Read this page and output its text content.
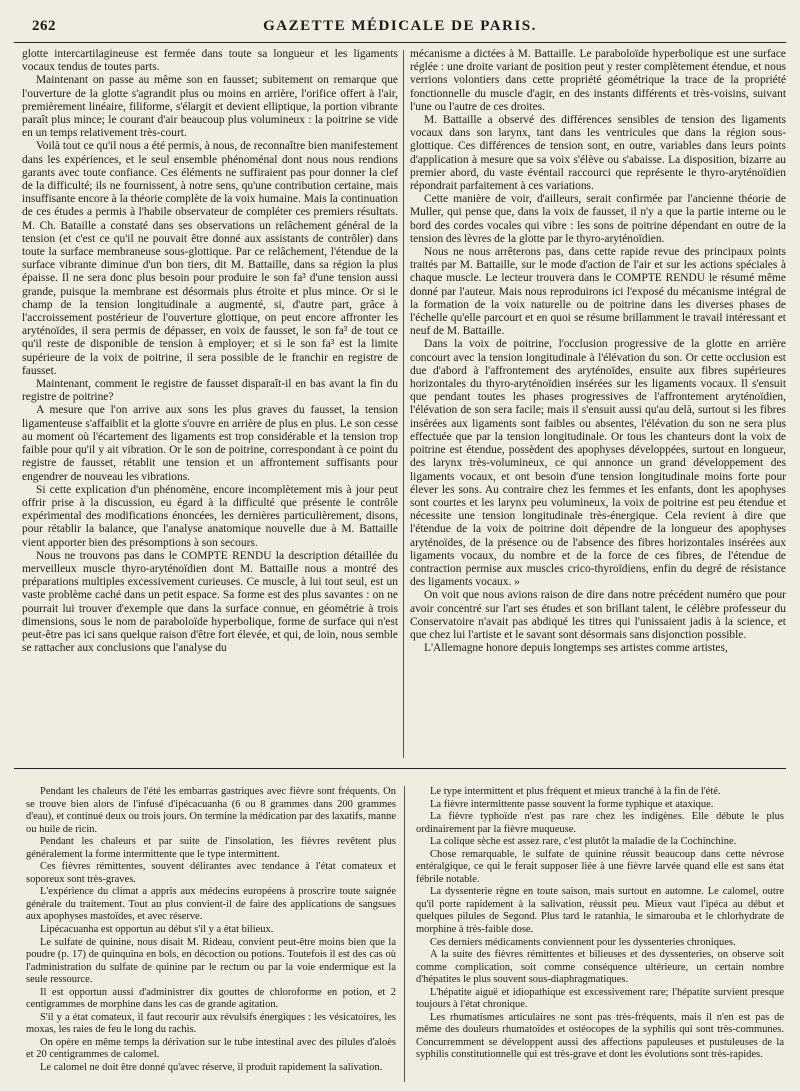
262	GAZETTE MÉDICALE DE PARIS.

glotte intercartilagineuse est fermée dans toute sa longueur et les ligaments vocaux tendus de toutes parts.

Maintenant on passe au même son en fausset; subitement on remarque que l'ouverture de la glotte s'agrandit plus ou moins en arrière, l'orifice offert à l'air, premièrement linéaire, filiforme, s'élargit et devient elliptique, la portion vibrante paraît plus mince; le courant d'air beaucoup plus volumineux : la poitrine se vide en un temps relativement très-court.

Voilà tout ce qu'il nous a été permis, à nous, de reconnaître bien manifestement dans les expériences, et le seul ensemble phénoménal dont nous nous rendions garants avec toute confiance. Ces éléments ne suffiraient pas pour donner la clef de la difficulté; ils ne fournissent, à notre sens, qu'une contribution certaine, mais insuffisante encore à la théorie complète de la voix humaine. Mais la continuation de ces études a permis à l'habile observateur de compléter ces premiers résultats. M. Ch. Bataille a constaté dans ses observations un relâchement général de la tension (et c'est ce qu'il ne pouvait être donné aux assistants de contrôler) dans toute la surface membraneuse sous-glottique. Par ce relâchement, l'étendue de la surface vibrante diminue d'un bon tiers, dit M. Battaille, dans sa région la plus épaisse. Il ne sera donc plus besoin pour produire le son fa³ d'une tension aussi grande, puisque la membrane est désormais plus étroite et plus mince. Or si le champ de la tension longitudinale a augmenté, si, d'autre part, grâce à l'accroissement postérieur de l'ouverture glottique, on peut encore affronter les aryténoïdes, il sera permis de dépasser, en voix de fausset, le son fa³ de tout ce qu'il reste de disponible de tension à employer; et si le son fa³ est la limite supérieure de la voix de poitrine, il sera possible de le franchir en registre de fausset.

Maintenant, comment le registre de fausset disparaît-il en bas avant la fin du registre de poitrine?

A mesure que l'on arrive aux sons les plus graves du fausset, la tension ligamenteuse s'affaiblit et la glotte s'ouvre en arrière de plus en plus. Le son cesse au moment où l'écartement des ligaments est trop considérable et la tension trop faible pour qu'il y ait vibration. Or le son de poitrine, correspondant à ce point du registre de fausset, rétablit une tension et un affrontement suffisants pour engendrer de nouveau les vibrations.

Si cette explication d'un phénomène, encore incomplètement mis à jour peut offrir prise à la discussion, eu égard à la difficulté que présente le contrôle expérimental des modifications énoncées, les dernières particulièrement, disons, pour rétablir la balance, que l'analyse anatomique nouvelle due à M. Battaille vient apporter bien des présomptions à son secours.

Nous ne trouvons pas dans le COMPTE RENDU la description détaillée du merveilleux muscle thyro-aryténoïdien dont M. Battaille nous a montré des préparations multiples excessivement curieuses. Ce muscle, à lui tout seul, est un vaste problème caché dans un petit espace. Sa forme est des plus savantes : on ne pourrait lui trouver d'exemple que dans la surface connue, en géométrie à trois dimensions, sous le nom de paraboloïde hyperbolique, forme de surface qui n'est peut-être pas ici sans quelque raison d'être fort élevée, et qui, de loin, nous semble se rattacher aux conclusions que l'analyse du

mécanisme a dictées à M. Battaille. Le paraboloïde hyperbolique est une surface réglée : une droite variant de position peut y rester complètement étendue, et nous verrions volontiers dans cette propriété géométrique la trace de la propriété fonctionnelle du muscle d'agir, en des instants différents et très-voisins, suivant l'une ou l'autre de ces droites.

M. Battaille a observé des différences sensibles de tension des ligaments vocaux dans son larynx, tant dans les ventricules que dans la région sous-glottique. Ces différences de tension sont, en outre, variables dans leurs points d'application à mesure que sa voix s'élève ou s'abaisse. La disposition, bizarre au premier abord, du vaste événtail raccourci que représente le thyro-aryténoïdien répondrait parfaitement à ces variations.

Cette manière de voir, d'ailleurs, serait confirmée par l'ancienne théorie de Muller, qui pense que, dans la voix de fausset, il n'y a que la partie interne ou le bord des cordes vocales qui vibre : les sons de poitrine dépendant en outre de la tension des lèvres de la glotte par le thyro-aryténoïdien.

Nous ne nous arrêterons pas, dans cette rapide revue des principaux points traités par M. Battaille, sur le mode d'action de l'air et sur les actions spéciales à chaque muscle. Le lecteur trouvera dans le COMPTE RENDU le résumé même donné par l'auteur. Mais nous reproduirons ici l'exposé du mécanisme intégral de la formation de la voix naturelle ou de poitrine dans les diverses phases de l'échelle qu'elle parcourt et en quoi se résume brillamment le travail intéressant et neuf de M. Battaille.

Dans la voix de poitrine, l'occlusion progressive de la glotte en arrière concourt avec la tension longitudinale à l'élévation du son. Or cette occlusion est due d'abord à l'affrontement des aryténoïdes, ensuite aux fibres supérieures horizontales du thyro-aryténoïdien insérées sur les ligaments vocaux. Il s'ensuit que pendant toutes les phases progressives de l'affrontement aryténoïdien, l'élévation de son sera facile; mais il s'ensuit aussi qu'au delà, surtout si les fibres insérées aux ligaments sont faibles ou absentes, l'élévation du son ne sera plus effectuée que par la tension longitudinale. Or tous les chanteurs dont la voix de poitrine est étendue, possèdent des apophyses développées, surtout en longueur, des larynx très-volumineux, ce qui annonce un grand développement des ligaments vocaux, et ont besoin d'une tension longitudinale moins forte pour élever les sons. Au contraire chez les femmes et les enfants, dont les apophyses sont courtes et les larynx peu volumineux, la voix de poitrine est peu étendue et nécessite une tension longitudinale très-énergique. Cela revient à dire que l'étendue de la voix de poitrine doit dépendre de la longueur des apophyses aryténoïdes, de la présence ou de l'absence des fibres horizontales insérées aux ligaments vocaux, du nombre et de la force de ces fibres, de l'étendue de contraction permise aux muscles crico-thyroïdiens, enfin du degré de résistance des ligaments vocaux. »

On voit que nous avions raison de dire dans notre précédent numéro que pour avoir concentré sur l'art ses études et son brillant talent, le célèbre professeur du Conservatoire n'avait pas abdiqué les titres qui l'unissaient jadis à la science, et que chez lui l'artiste et le savant sont désormais sans disjonction possible.

L'Allemagne honore depuis longtemps ses artistes comme artistes,

Pendant les chaleurs de l'été les embarras gastriques avec fièvre sont fréquents. On se trouve bien alors de l'infusé d'ipécacuanha (6 ou 8 grammes dans 200 grammes d'eau), et continué deux ou trois jours. On termine la médication par des laxatifs, manne ou huile de ricin.

Pendant les chaleurs et par suite de l'insolation, les fièvres revêtent plus généralement la forme intermittente que le type intermittent.

Ces fièvres rémittentes, souvent délirantes avec tendance à l'état comateux et soporeux sont très-graves.

L'expérience du climat a appris aux médecins européens à proscrire toute saignée générale du traitement. Tout au plus convient-il de faire des applications de sangsues aux apophyses mastoïdes, et avec réserve.

Lipécacuanha est opportun au début s'il y a état bilieux.

Le sulfate de quinine, nous disait M. Rideau, convient peut-être moins bien que la poudre (p. 17) de quinquina en bols, en décoction ou potions. Toutefois il est des cas où l'administration du sulfate de quinine par le rectum ou par la voie endermique est la seule ressource.

Il est opportun aussi d'administrer dix gouttes de chloroforme en potion, et 2 centigrammes de morphine dans les cas de grande agitation.

S'il y a état comateux, il faut recourir aux révulsifs énergiques : les vésicatoires, les moxas, les raies de feu le long du rachis.

On opère en même temps la dérivation sur le tube intestinal avec des pilules d'aloès et 20 centigrammes de calomel.

Le calomel ne doit être donné qu'avec réserve, il produit rapidement la salivation.

Le type intermittent et plus fréquent et mieux tranché à la fin de l'été.

La fièvre intermittente passe souvent la forme typhique et ataxique.

La fièvre typhoïde n'est pas rare chez les indigènes. Elle débute le plus ordinairement par la fièvre muqueuse.

La colique sèche est assez rare, c'est plutôt la maladie de la Cochinchine.

Chose remarquable, le sulfate de quinine réussit beaucoup dans cette névrose entéralgique, ce qui le ferait supposer liée à une fièvre larvée quand elle est sans état fébrile notable.

La dyssenterie règne en toute saison, mais surtout en automne. Le calomel, outre qu'il porte rapidement à la salivation, réussit peu. Mieux vaut l'ipéca au début et quelques pilules de Segond. Plus tard le ratanhia, le simarouba et le chlorhydrate de morphine à très-faible dose.

Ces derniers médicaments conviennent pour les dyssenteries chroniques.

A la suite des fièvres rémittentes et bilieuses et des dyssenteries, on observe soit comme complication, soit comme conséquence ultérieure, un certain nombre d'hépatites le plus souvent sous-diaphragmatiques.

L'hépatite aiguë et idiopathique est excessivement rare; l'hépatite survient presque toujours à l'état chronique.

Les rhumatismes articulaires ne sont pas très-fréquents, mais il n'en est pas de même des douleurs rhumatoïdes et ostéocopes de la syphilis qui sont très-communes. Concurremment se développent aussi des affections papuleuses et pustuleuses de la syphilis constitutionnelle qui est très-grave et dont les évolutions sont très-rapides.
